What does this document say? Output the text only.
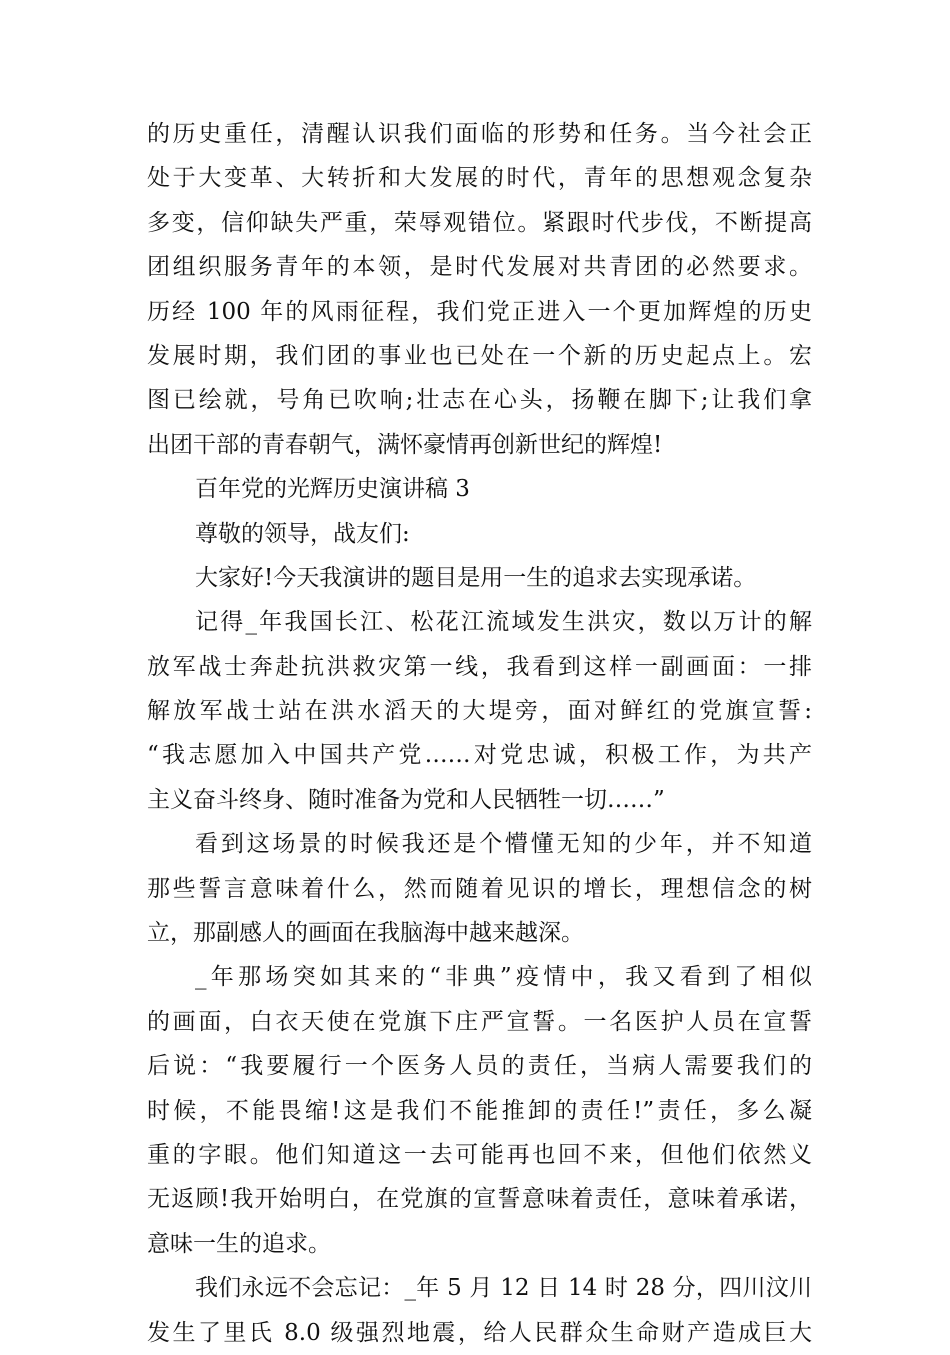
的历史重任，清醒认识我们面临的形势和任务。当今社会正
处于大变革、大转折和大发展的时代，青年的思想观念复杂
多变，信仰缺失严重，荣辱观错位。紧跟时代步伐，不断提高
团组织服务青年的本领，是时代发展对共青团的必然要求。
历经 100 年的风雨征程，我们党正进入一个更加辉煌的历史
发展时期，我们团的事业也已处在一个新的历史起点上。宏
图已绘就，号角已吹响;壮志在心头，扬鞭在脚下;让我们拿
出团干部的青春朝气，满怀豪情再创新世纪的辉煌!
百年党的光辉历史演讲稿 3
尊敬的领导，战友们:
大家好!今天我演讲的题目是用一生的追求去实现承诺。
记得_年我国长江、松花江流域发生洪灾，数以万计的解
放军战士奔赴抗洪救灾第一线，我看到这样一副画面：一排
解放军战士站在洪水滔天的大堤旁，面对鲜红的党旗宣誓:
“我志愿加入中国共产党……对党忠诚，积极工作，为共产
主义奋斗终身、随时准备为党和人民牺牲一切……”
看到这场景的时候我还是个懵懂无知的少年，并不知道
那些誓言意味着什么，然而随着见识的增长，理想信念的树
立，那副感人的画面在我脑海中越来越深。
_年那场突如其来的“非典”疫情中，我又看到了相似
的画面，白衣天使在党旗下庄严宣誓。一名医护人员在宣誓
后说：“我要履行一个医务人员的责任，当病人需要我们的
时候，不能畏缩!这是我们不能推卸的责任!”责任，多么凝
重的字眼。他们知道这一去可能再也回不来，但他们依然义
无返顾!我开始明白，在党旗的宣誓意味着责任，意味着承诺，
意味一生的追求。
我们永远不会忘记：_年 5 月 12 日 14 时 28 分，四川汶川
发生了里氏 8.0 级强烈地震，给人民群众生命财产造成巨大
